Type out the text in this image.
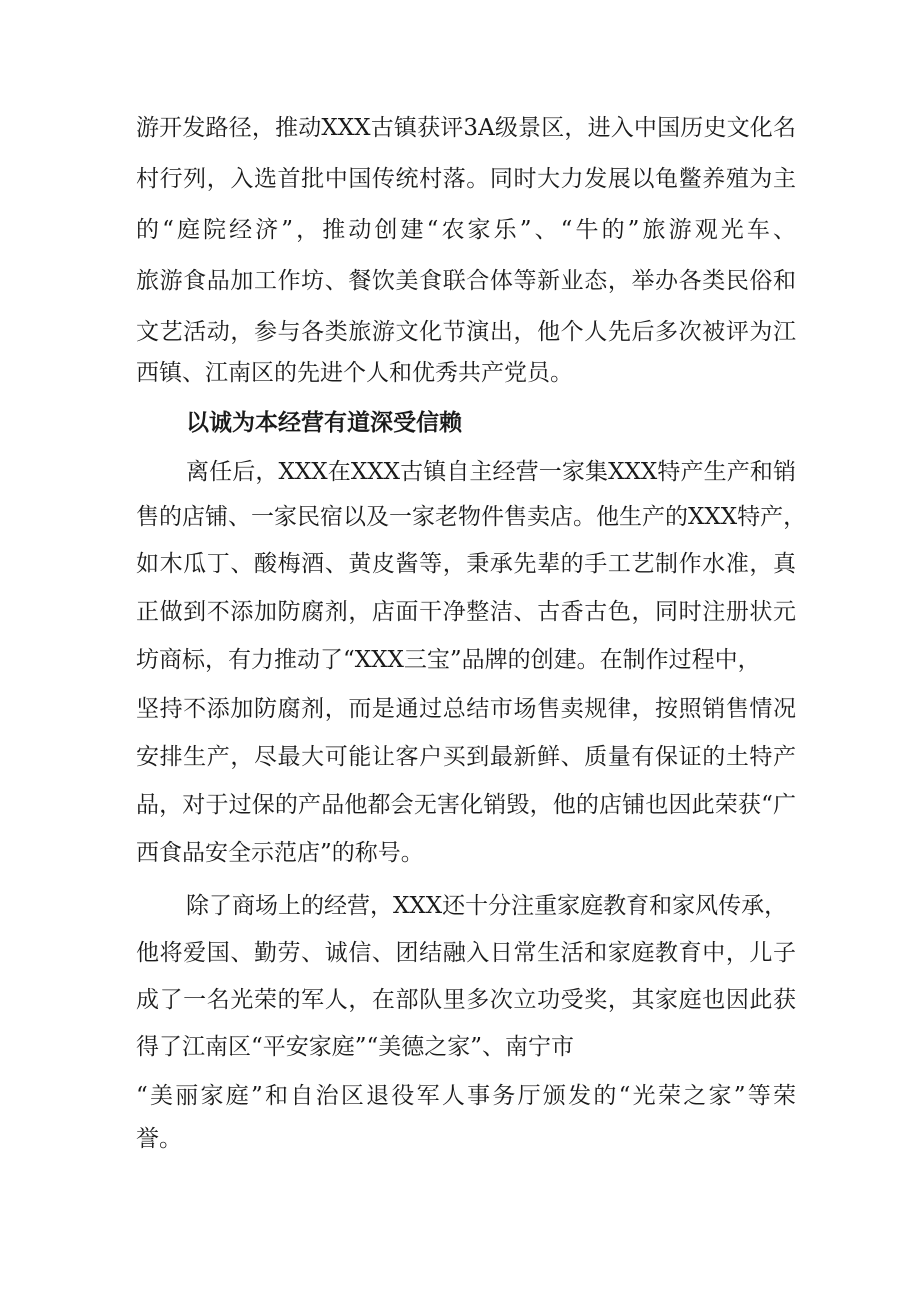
游开发路径，推动XXX古镇获评3A级景区，进入中国历史文化名
村行列，入选首批中国传统村落。同时大力发展以龟鳖养殖为主
的“庭院经济”，推动创建“农家乐”、“牛的”旅游观光车、
旅游食品加工作坊、餐饮美食联合体等新业态，举办各类民俗和
文艺活动，参与各类旅游文化节演出，他个人先后多次被评为江
西镇、江南区的先进个人和优秀共产党员。
以诚为本经营有道深受信赖
离任后，XXX在XXX古镇自主经营一家集XXX特产生产和销
售的店铺、一家民宿以及一家老物件售卖店。他生产的XXX特产，
如木瓜丁、酸梅酒、黄皮酱等，秉承先辈的手工艺制作水准，真
正做到不添加防腐剂，店面干净整洁、古香古色，同时注册状元
坊商标，有力推动了“XXX三宝”品牌的创建。在制作过程中，
坚持不添加防腐剂，而是通过总结市场售卖规律，按照销售情况
安排生产，尽最大可能让客户买到最新鲜、质量有保证的土特产
品，对于过保的产品他都会无害化销毁，他的店铺也因此荣获“广
西食品安全示范店”的称号。
除了商场上的经营，XXX还十分注重家庭教育和家风传承，
他将爱国、勤劳、诚信、团结融入日常生活和家庭教育中，儿子
成了一名光荣的军人，在部队里多次立功受奖，其家庭也因此获
得了江南区“平安家庭”“美德之家”、南宁市
“美丽家庭”和自治区退役军人事务厅颁发的“光荣之家”等荣
誉。
